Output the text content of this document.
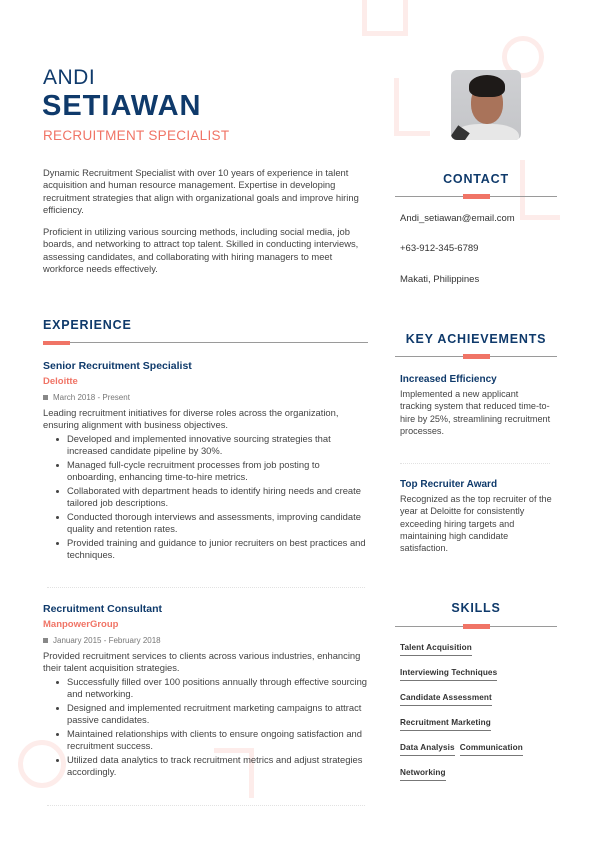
ANDI
SETIAWAN
RECRUITMENT SPECIALIST

Dynamic Recruitment Specialist with over 10 years of experience in talent acquisition and human resource management. Expertise in developing recruitment strategies that align with organizational goals and improve hiring efficiency.

Proficient in utilizing various sourcing methods, including social media, job boards, and networking to attract top talent. Skilled in conducting interviews, assessing candidates, and collaborating with hiring managers to meet workforce needs effectively.

EXPERIENCE
Senior Recruitment Specialist
Deloitte
March 2018 - Present
Leading recruitment initiatives for diverse roles across the organization, ensuring alignment with business objectives.
Developed and implemented innovative sourcing strategies that increased candidate pipeline by 30%.
Managed full-cycle recruitment processes from job posting to onboarding, enhancing time-to-hire metrics.
Collaborated with department heads to identify hiring needs and create tailored job descriptions.
Conducted thorough interviews and assessments, improving candidate quality and retention rates.
Provided training and guidance to junior recruiters on best practices and techniques.
Recruitment Consultant
ManpowerGroup
January 2015 - February 2018
Provided recruitment services to clients across various industries, enhancing their talent acquisition strategies.
Successfully filled over 100 positions annually through effective sourcing and networking.
Designed and implemented recruitment marketing campaigns to attract passive candidates.
Maintained relationships with clients to ensure ongoing satisfaction and recruitment success.
Utilized data analytics to track recruitment metrics and adjust strategies accordingly.
CONTACT
Andi_setiawan@email.com
+63-912-345-6789
Makati, Philippines
KEY ACHIEVEMENTS
Increased Efficiency
Implemented a new applicant tracking system that reduced time-to-hire by 25%, streamlining recruitment processes.
Top Recruiter Award
Recognized as the top recruiter of the year at Deloitte for consistently exceeding hiring targets and maintaining high candidate satisfaction.
SKILLS
Talent Acquisition
Interviewing Techniques
Candidate Assessment
Recruitment Marketing
Data Analysis Communication
Networking
